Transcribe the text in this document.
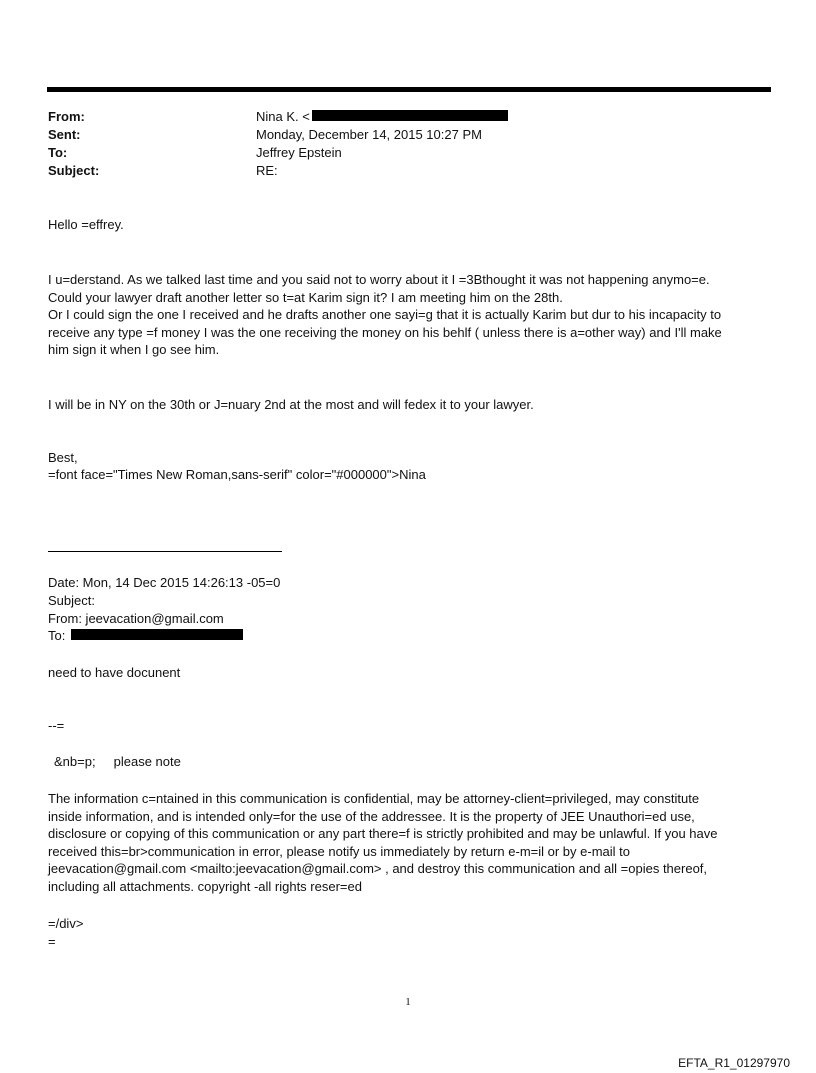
From:	Nina K. <
Sent:	Monday, December 14, 2015 10:27 PM
To:	Jeffrey Epstein
Subject:	RE:
Hello =effrey.
I u=derstand. As we talked last time and you said not to worry about it I =3Bthought it was not happening anymo=e.
Could your lawyer draft another letter so t=at Karim sign it? I am meeting him on the 28th.
Or I could sign the one I received and he drafts another one sayi=g that it is actually Karim but dur to his incapacity to
receive any type =f money I was the one receiving the money on his behlf ( unless there is a=other way) and I'll make
him sign it when I go see him.
I will be in NY on the 30th or J=nuary 2nd at the most and will fedex it to your lawyer.
Best,
=font face="Times New Roman,sans-serif" color="#000000">Nina
Date: Mon, 14 Dec 2015 14:26:13 -05=0
Subject:
From: jeevacation@gmail.com
To:
need to have docunent
--=
&nb=p;     please note
The information c=ntained in this communication is confidential, may be attorney-client=privileged, may constitute
inside information, and is intended only=for the use of the addressee. It is the property of JEE Unauthori=ed use,
disclosure or copying of this communication or any part there=f is strictly prohibited and may be unlawful. If you have
received this=br>communication in error, please notify us immediately by return e-m=il or by e-mail to
jeevacation@gmail.com <mailto:jeevacation@gmail.com> , and destroy this communication and all =opies thereof,
including all attachments. copyright -all rights reser=ed
=/div>
=
1
EFTA_R1_01297970
